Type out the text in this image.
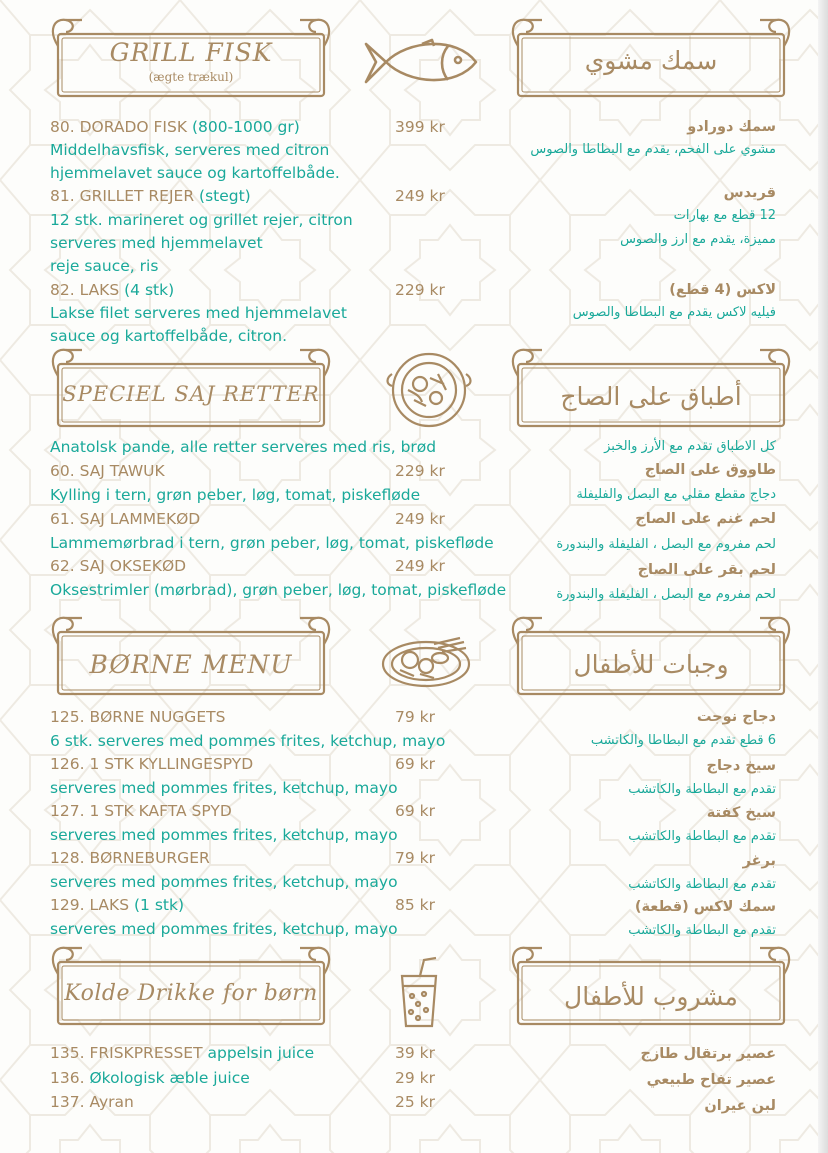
GRILL FISK
(ægte trækul)
سمك مشوي
80. DORADO FISK (800-1000 gr)	399 kr
Middelhavsfisk, serveres med citron
hjemmelavet sauce og kartoffelbåde.
81. GRILLET REJER (stegt)	249 kr
12 stk. marineret og grillet rejer, citron
serveres med hjemmelavet
reje sauce, ris
82. LAKS (4 stk)	229 kr
Lakse filet serveres med hjemmelavet
sauce og kartoffelbåde, citron.
سمك دورادو
مشوي على الفحم، يقدم مع البطاطا والصوس
قريدس
12 قطع مع بهارات
مميزة، يقدم مع ارز والصوس
لاكس (4 قطع)
فيليه لاكس يقدم مع البطاطا والصوس
SPECIEL SAJ RETTER	أطباق على الصاج
Anatolsk pande, alle retter serveres med ris, brød
60. SAJ TAWUK	229 kr
Kylling i tern, grøn peber, løg, tomat, piskefløde
61. SAJ LAMMEKØD	249 kr
Lammemørbrad i tern, grøn peber, løg, tomat, piskefløde
62. SAJ OKSEKØD	249 kr
Oksestrimler (mørbrad), grøn peber, løg, tomat, piskefløde
كل الاطباق تقدم مع الأرز والخبز
طاووق على الصاج
دجاج مقطع مقلي مع البصل والفليفلة
لحم غنم على الصاج
لحم مفروم مع البصل ، الفليفلة والبندورة
لحم بقر على الصاج
لحم مفروم مع البصل ، الفليفلة والبندورة
BØRNE MENU	وجبات للأطفال
125. BØRNE NUGGETS	79 kr
6 stk. serveres med pommes frites, ketchup, mayo
126. 1 STK KYLLINGESPYD	69 kr
serveres med pommes frites, ketchup, mayo
127. 1 STK KAFTA SPYD	69 kr
serveres med pommes frites, ketchup, mayo
128. BØRNEBURGER	79 kr
serveres med pommes frites, ketchup, mayo
129. LAKS (1 stk)	85 kr
serveres med pommes frites, ketchup, mayo
دجاج نوجت
6 قطع تقدم مع البطاطا والكاتشب
سيخ دجاج
تقدم مع البطاطة والكاتشب
سيخ كفتة
تقدم مع البطاطة والكاتشب
برغر
تقدم مع البطاطة والكاتشب
سمك لاكس (قطعة)
تقدم مع البطاطة والكاتشب
Kolde Drikke for børn	مشروب للأطفال
135. FRISKPRESSET appelsin juice	39 kr
136. Økologisk æble juice	29 kr
137. Ayran	25 kr
عصير برتقال طازج
عصير تفاح طبيعي
لبن عيران
